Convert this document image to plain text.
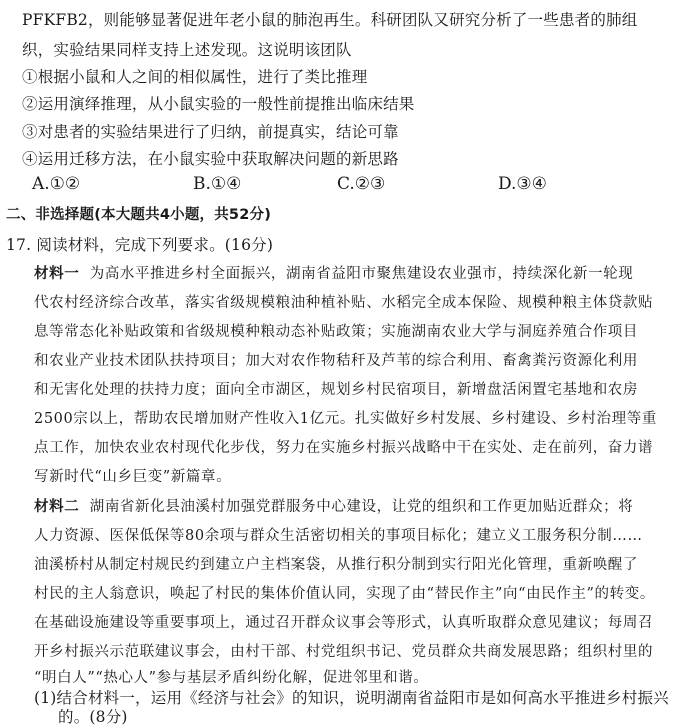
PFKFB2，则能够显著促进年老小鼠的肺泡再生。科研团队又研究分析了一些患者的肺组
织，实验结果同样支持上述发现。这说明该团队
①根据小鼠和人之间的相似属性，进行了类比推理
②运用演绎推理，从小鼠实验的一般性前提推出临床结果
③对患者的实验结果进行了归纳，前提真实，结论可靠
④运用迁移方法，在小鼠实验中获取解决问题的新思路
A.①②	B.①④	C.②③	D.③④
二、非选择题(本大题共4小题，共52分)
17. 阅读材料，完成下列要求。(16分)
材料一 为高水平推进乡村全面振兴，湖南省益阳市聚焦建设农业强市，持续深化新一轮现
代农村经济综合改革，落实省级规模粮油种植补贴、水稻完全成本保险、规模种粮主体贷款贴
息等常态化补贴政策和省级规模种粮动态补贴政策；实施湖南农业大学与洞庭养殖合作项目
和农业产业技术团队扶持项目；加大对农作物秸秆及芦苇的综合利用、畜禽粪污资源化利用
和无害化处理的扶持力度；面向全市湖区，规划乡村民宿项目，新增盘活闲置宅基地和农房
2500宗以上，帮助农民增加财产性收入1亿元。扎实做好乡村发展、乡村建设、乡村治理等重
点工作，加快农业农村现代化步伐，努力在实施乡村振兴战略中干在实处、走在前列，奋力谱
写新时代“山乡巨变”新篇章。
材料二 湖南省新化县油溪村加强党群服务中心建设，让党的组织和工作更加贴近群众；将
人力资源、医保低保等80余项与群众生活密切相关的事项目标化；建立义工服务积分制……
油溪桥村从制定村规民约到建立户主档案袋，从推行积分制到实行阳光化管理，重新唤醒了
村民的主人翁意识，唤起了村民的集体价值认同，实现了由“替民作主”向“由民作主”的转变。
在基础设施建设等重要事项上，通过召开群众议事会等形式，认真听取群众意见建议；每周召
开乡村振兴示范联建议事会，由村干部、村党组织书记、党员群众共商发展思路；组织村里的
“明白人”“热心人”参与基层矛盾纠纷化解，促进邻里和谐。
(1)结合材料一，运用《经济与社会》的知识，说明湖南省益阳市是如何高水平推进乡村振兴
的。(8分)
